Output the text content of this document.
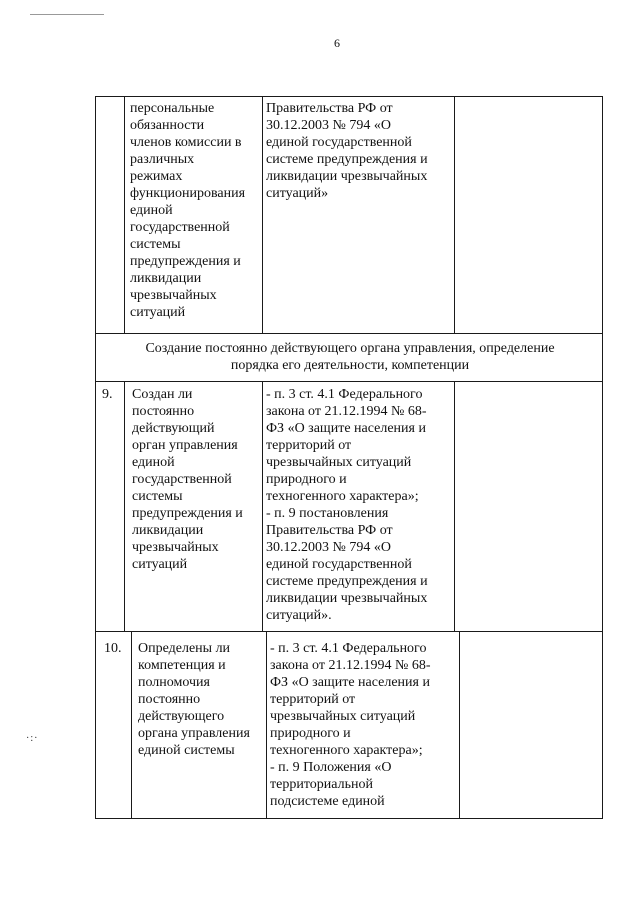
6
персональные
обязанности
членов комиссии в
различных
режимах
функционирования
единой
государственной
системы
предупреждения и
ликвидации
чрезвычайных
ситуаций
Правительства РФ от
30.12.2003 № 794 «О
единой государственной
системе предупреждения и
ликвидации чрезвычайных
ситуаций»
Создание постоянно действующего органа управления, определение
порядка его деятельности, компетенции
9. Создан ли
постоянно
действующий
орган управления
единой
государственной
системы
предупреждения и
ликвидации
чрезвычайных
ситуаций
- п. 3 ст. 4.1 Федерального
закона от 21.12.1994 № 68-
ФЗ «О защите населения и
территорий от
чрезвычайных ситуаций
природного и
техногенного характера»;
- п. 9 постановления
Правительства РФ от
30.12.2003 № 794 «О
единой государственной
системе предупреждения и
ликвидации чрезвычайных
ситуаций».
10. Определены ли
компетенция и
полномочия
постоянно
действующего
органа управления
единой системы
- п. 3 ст. 4.1 Федерального
закона от 21.12.1994 № 68-
ФЗ «О защите населения и
территорий от
чрезвычайных ситуаций
природного и
техногенного характера»;
- п. 9 Положения «О
территориальной
подсистеме единой
·:·
